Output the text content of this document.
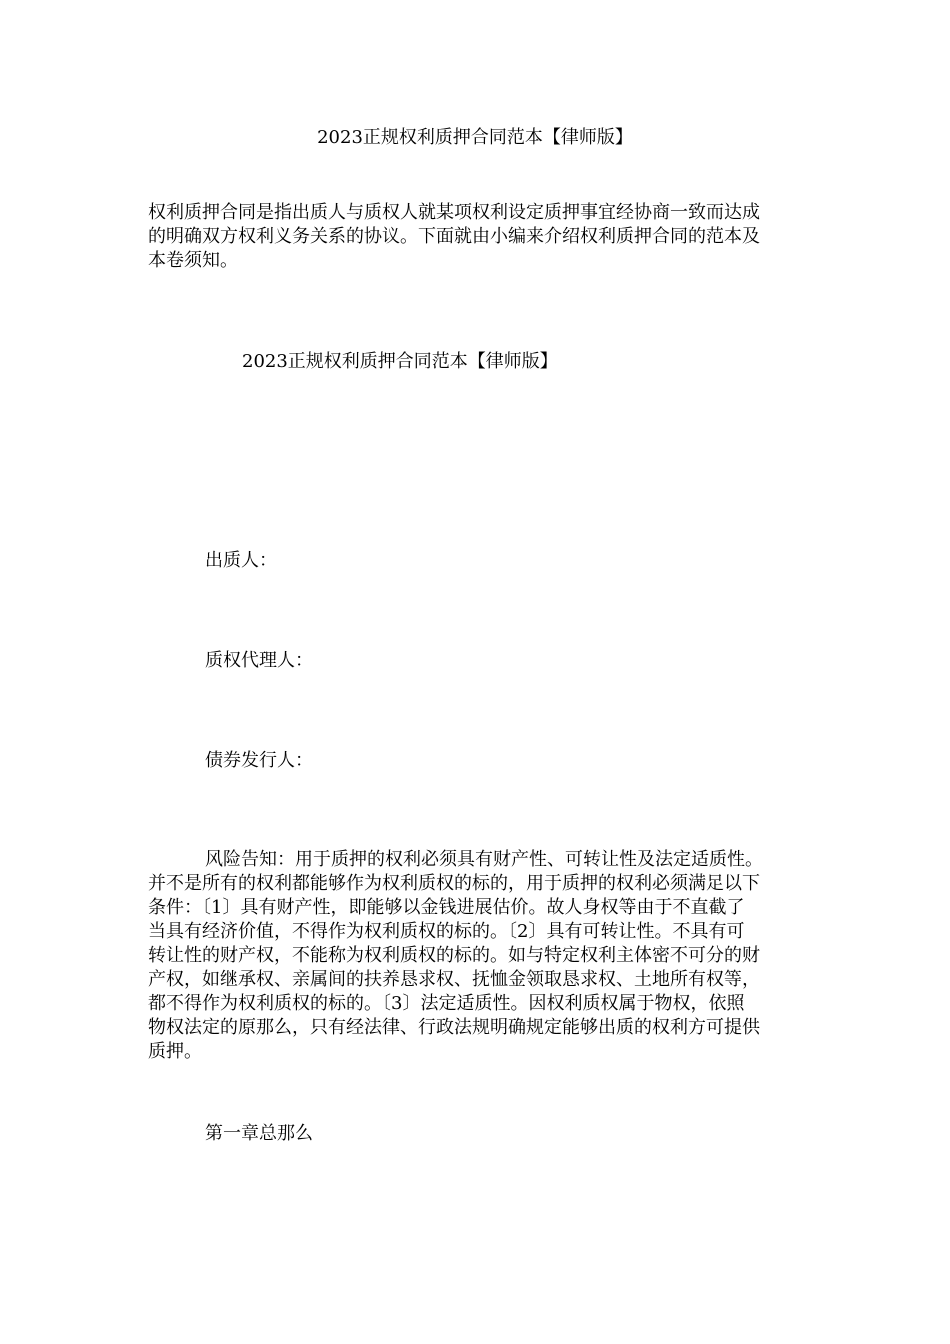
2023正规权利质押合同范本【律师版】

权利质押合同是指出质人与质权人就某项权利设定质押事宜经协商一致而达成
的明确双方权利义务关系的协议。下面就由小编来介绍权利质押合同的范本及
本卷须知。

2023正规权利质押合同范本【律师版】

出质人：

质权代理人：

债券发行人：

风险告知：用于质押的权利必须具有财产性、可转让性及法定适质性。
并不是所有的权利都能够作为权利质权的标的，用于质押的权利必须满足以下
条件：〔1〕具有财产性，即能够以金钱进展估价。故人身权等由于不直截了
当具有经济价值，不得作为权利质权的标的。〔2〕具有可转让性。不具有可
转让性的财产权，不能称为权利质权的标的。如与特定权利主体密不可分的财
产权，如继承权、亲属间的扶养恳求权、抚恤金领取恳求权、土地所有权等，
都不得作为权利质权的标的。〔3〕法定适质性。因权利质权属于物权，依照
物权法定的原那么，只有经法律、行政法规明确规定能够出质的权利方可提供
质押。

第一章总那么
